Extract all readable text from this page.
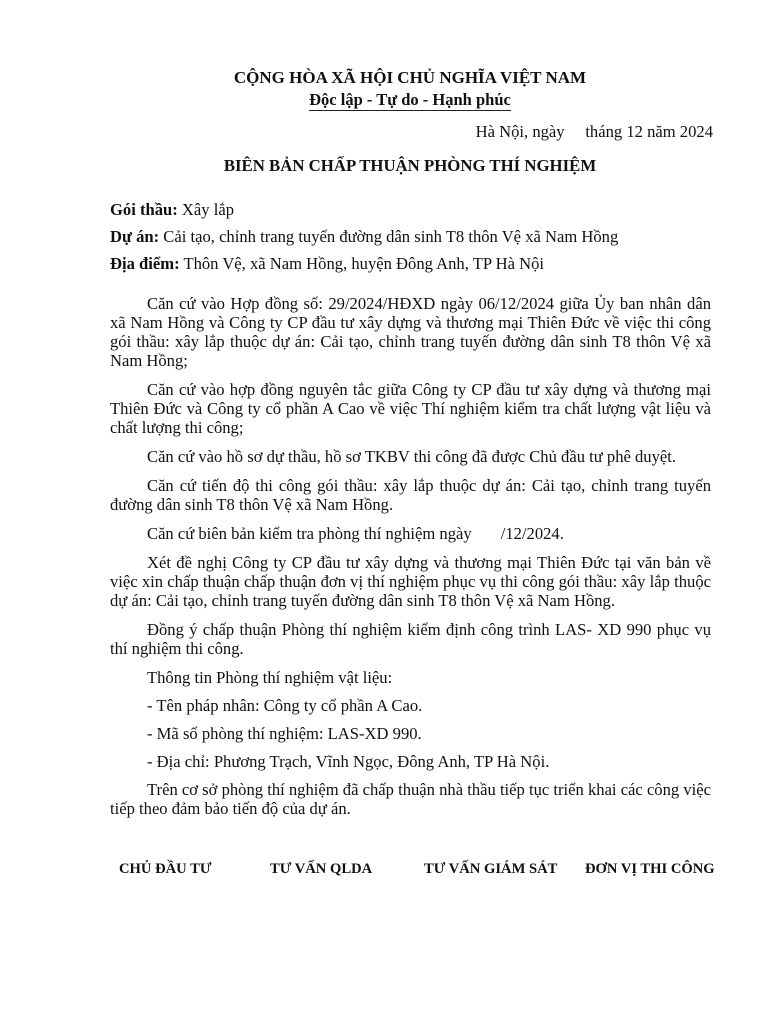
CỘNG HÒA XÃ HỘI CHỦ NGHĨA VIỆT NAM
Độc lập - Tự do - Hạnh phúc
Hà Nội, ngày     tháng 12 năm 2024
BIÊN BẢN CHẤP THUẬN PHÒNG THÍ NGHIỆM
Gói thầu: Xây lắp
Dự án: Cải tạo, chỉnh trang tuyến đường dân sinh T8 thôn Vệ xã Nam Hồng
Địa điểm: Thôn Vệ, xã Nam Hồng, huyện Đông Anh, TP Hà Nội

Căn cứ vào Hợp đồng số: 29/2024/HĐXD ngày 06/12/2024 giữa Ủy ban nhân dân xã Nam Hồng và Công ty CP đầu tư xây dựng và thương mại Thiên Đức về việc thi công gói thầu: xây lắp thuộc dự án: Cải tạo, chỉnh trang tuyến đường dân sinh T8 thôn Vệ xã Nam Hồng;

Căn cứ vào hợp đồng nguyên tắc giữa Công ty CP đầu tư xây dựng và thương mại Thiên Đức và Công ty cổ phần A Cao về việc Thí nghiệm kiểm tra chất lượng vật liệu và chất lượng thi công;

Căn cứ vào hồ sơ dự thầu, hồ sơ TKBV thi công đã được Chủ đầu tư phê duyệt.

Căn cứ tiến độ thi công gói thầu: xây lắp thuộc dự án: Cải tạo, chỉnh trang tuyến đường dân sinh T8 thôn Vệ xã Nam Hồng.

Căn cứ biên bản kiểm tra phòng thí nghiệm ngày       /12/2024.

Xét đề nghị Công ty CP đầu tư xây dựng và thương mại Thiên Đức tại văn bản về việc xin chấp thuận chấp thuận đơn vị thí nghiệm phục vụ thi công gói thầu: xây lắp thuộc dự án: Cải tạo, chỉnh trang tuyến đường dân sinh T8 thôn Vệ xã Nam Hồng.

Đồng ý chấp thuận Phòng thí nghiệm kiểm định công trình LAS- XD 990 phục vụ thí nghiệm thi công.

Thông tin Phòng thí nghiệm vật liệu:

- Tên pháp nhân: Công ty cổ phần A Cao.

- Mã số phòng thí nghiệm: LAS-XD 990.

- Địa chỉ: Phương Trạch, Vĩnh Ngọc, Đông Anh, TP Hà Nội.

Trên cơ sở phòng thí nghiệm đã chấp thuận nhà thầu tiếp tục triển khai các công việc tiếp theo đảm bảo tiến độ của dự án.

CHỦ ĐẦU TƯ	TƯ VẤN QLDA	TƯ VẤN GIÁM SÁT ĐƠN VỊ THI CÔNG
